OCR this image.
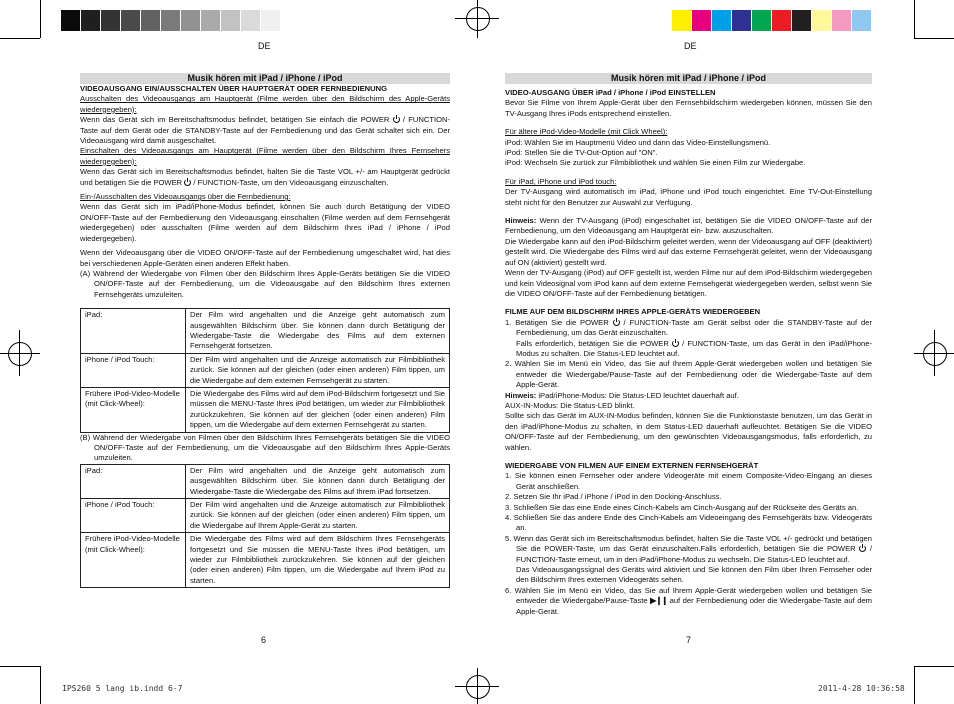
DE
Musik hören mit iPad / iPhone / iPod

VIDEOAUSGANG EIN/AUSSCHALTEN ÜBER HAUPTGERÄT ODER FERNBEDIENUNG

Ausschalten des Videoausgangs am Hauptgerät (Filme werden über den Bildschirm des Apple-Geräts wiedergegeben):

Wenn das Gerät sich im Bereitschaftsmodus befindet, betätigen Sie einfach die POWER / FUNCTION-Taste auf dem Gerät oder die STANDBY-Taste auf der Fernbedienung und das Gerät schaltet sich ein. Der Videoausgang wird damit ausgeschaltet.

Einschalten des Videoausgangs am Hauptgerät (Filme werden über den Bildschirm Ihres Fernsehers wiedergegeben):

Wenn das Gerät sich im Bereitschaftsmodus befindet, halten Sie die Taste VOL +/- am Hauptgerät gedrückt und betätigen Sie die POWER / FUNCTION-Taste, um den Videoausgang einzuschalten.

Ein-/Ausschalten des Videoausgangs über die Fernbedienung:

Wenn das Gerät sich im iPad/iPhone-Modus befindet, können Sie auch durch Betätigung der VIDEO ON/OFF-Taste auf der Fernbedienung den Videoausgang einschalten (Filme werden auf dem Fernsehgerät wiedergegeben) oder ausschalten (Filme werden auf dem Bildschirm Ihres iPad / iPhone / iPod wiedergegeben).

Wenn der Videoausgang über die VIDEO ON/OFF-Taste auf der Fernbedienung umgeschaltet wird, hat dies bei verschiedenen Apple-Geräten einen anderen Effekt haben.

(A) Während der Wiedergabe von Filmen über den Bildschirm Ihres Apple-Geräts betätigen Sie die VIDEO ON/OFF-Taste auf der Fernbedienung, um die Videoausgabe auf den Bildschirm Ihres externen Fernsehgeräts umzuleiten.

iPad:	Der Film wird angehalten und die Anzeige geht automatisch zum ausgewählten Bildschirm über. Sie können dann durch Betätigung der Wiedergabe-Taste die Wiedergabe des Films auf dem externen Fernsehgerät fortsetzen.
iPhone / iPod Touch:	Der Film wird angehalten und die Anzeige automatisch zur Filmbibliothek zurück. Sie können auf der gleichen (oder einen anderen) Film tippen, um die Wiedergabe auf dem externen Fernsehgerät zu starten.
Frühere iPod-Video-Modelle (mit Click-Wheel):	Die Wiedergabe des Films wird auf dem iPod-Bildschirm fortgesetzt und Sie müssen die MENU-Taste Ihres iPod betätigen, um wieder zur Filmbibliothek zurückzukehren. Sie können auf der gleichen (oder einen anderen) Film tippen, um die Wiedergabe auf dem externen Fernsehgerät zu starten.

(B) Während der Wiedergabe von Filmen über den Bildschirm Ihres Fernsehgeräts betätigen Sie die VIDEO ON/OFF-Taste auf der Fernbedienung, um die Videoausgabe auf den Bildschirm Ihres Apple-Geräts umzuleiten.

iPad:	Der Film wird angehalten und die Anzeige geht automatisch zum ausgewählten Bildschirm über. Sie können dann durch Betätigung der Wiedergabe-Taste die Wiedergabe des Films auf Ihrem iPad fortsetzen.
iPhone / iPod Touch:	Der Film wird angehalten und die Anzeige automatisch zur Filmbibliothek zurück. Sie können auf der gleichen (oder einen anderen) Film tippen, um die Wiedergabe auf Ihrem Apple-Gerät zu starten.
Frühere iPod-Video-Modelle (mit Click-Wheel):	Die Wiedergabe des Films wird auf dem Bildschirm Ihres Fernsehgeräts fortgesetzt und Sie müssen die MENU-Taste Ihres iPod betätigen, um wieder zur Filmbibliothek zurückzukehren. Sie können auf der gleichen (oder einen anderen) Film tippen, um die Wiedergabe auf Ihrem iPod zu starten.
6
DE
Musik hören mit iPad / iPhone / iPod

VIDEO-AUSGANG ÜBER iPad / iPhone / iPod EINSTELLEN

Bevor Sie Filme von Ihrem Apple-Gerät über den Fernsehbildschirm wiedergeben können, müssen Sie den TV-Ausgang Ihres iPods entsprechend einstellen.

Für ältere iPod-Video-Modelle (mit Click Wheel):

iPod: Wählen Sie im Hauptmenü Video und dann das Video-Einstellungsmenü.

iPod: Stellen Sie die TV-Out-Option auf "ON".

iPod: Wechseln Sie zurück zur Filmbibliothek und wählen Sie einen Film zur Wiedergabe.

Für iPad, iPhone und iPod touch:

Der TV-Ausgang wird automatisch im iPad, iPhone und iPod touch eingerichtet. Eine TV-Out-Einstellung steht nicht für den Benutzer zur Auswahl zur Verfügung.

Hinweis: Wenn der TV-Ausgang (iPod) eingeschaltet ist, betätigen Sie die VIDEO ON/OFF-Taste auf der Fernbedienung, um den Videoausgang am Hauptgerät ein- bzw. auszuschalten.

Die Wiedergabe kann auf den iPod-Bildschirm geleitet werden, wenn der Videoausgang auf OFF (deaktiviert) gestellt wird. Die Wiedergabe des Films wird auf das externe Fernsehgerät geleitet, wenn der Videoausgang auf ON (aktiviert) gestellt wird.

Wenn der TV-Ausgang (iPod) auf OFF gestellt ist, werden Filme nur auf dem iPod-Bildschirm wiedergegeben und kein Videosignal vom iPod kann auf dem externe Fernsehgerät wiedergegeben werden, selbst wenn Sie die VIDEO ON/OFF-Taste auf der Fernbedienung betätigen.

FILME AUF DEM BILDSCHIRM IHRES APPLE-GERÄTS WIEDERGEBEN

1. Betätigen Sie die POWER / FUNCTION-Taste am Gerät selbst oder die STANDBY-Taste auf der Fernbedienung, um das Gerät einzuschalten.

Falls erforderlich, betätigen Sie die POWER / FUNCTION-Taste, um das Gerät in den iPad/iPhone-Modus zu schalten. Die Status-LED leuchtet auf.

2. Wählen Sie im Menü ein Video, das Sie auf Ihrem Apple-Gerät wiedergeben wollen und betätigen Sie entweder die Wiedergabe/Pause-Taste auf der Fernbedienung oder die Wiedergabe-Taste auf dem Apple-Gerät.

Hinweis: iPad/iPhone-Modus: Die Status-LED leuchtet dauerhaft auf.

AUX-IN-Modus: Die Status-LED blinkt.

Sollte sich das Gerät im AUX-IN-Modus befinden, können Sie die Funktionstaste benutzen, um das Gerät in den iPad/iPhone-Modus zu schalten, in dem Status-LED dauerhaft aufleuchtet. Betätigen Sie die VIDEO ON/OFF-Taste auf der Fernbedienung, um den gewünschten Videoausgangsmodus, falls erforderlich, zu wählen.

WIEDERGABE VON FILMEN AUF EINEM EXTERNEN FERNSEHGERÄT

1. Sie können einen Fernseher oder andere Videogeräte mit einem Composite-Video-Eingang an dieses Gerät anschließen.

2. Setzen Sie Ihr iPad / iPhone / iPod in den Docking-Anschluss.

3. Schließen Sie das eine Ende eines Cinch-Kabels am Cinch-Ausgang auf der Rückseite des Geräts an.

4. Schließen Sie das andere Ende des Cinch-Kabels am Videoeingang des Fernsehgeräts bzw. Videogeräts an.

5. Wenn das Gerät sich im Bereitschaftsmodus befindet, halten Sie die Taste VOL +/- gedrückt und betätigen Sie die POWER-Taste, um das Gerät einzuschalten.Falls erforderlich, betätigen Sie die POWER / FUNCTION-Taste erneut, um in den iPad/iPhone-Modus zu wechseln. Die Status-LED leuchtet auf.

Das Videoausgangssignal des Geräts wird aktiviert und Sie können den Film über Ihren Fernseher oder den Bildschirm Ihres externen Videogeräts sehen.

6. Wählen Sie im Menü ein Video, das Sie auf Ihrem Apple-Gerät wiedergeben wollen und betätigen Sie entweder die Wiedergabe/Pause-Taste ▶❙❙ auf der Fernbedienung oder die Wiedergabe-Taste auf dem Apple-Gerät.

7
IPS260 5 lang ib.indd 6-7	2011-4-28 10:36:58
